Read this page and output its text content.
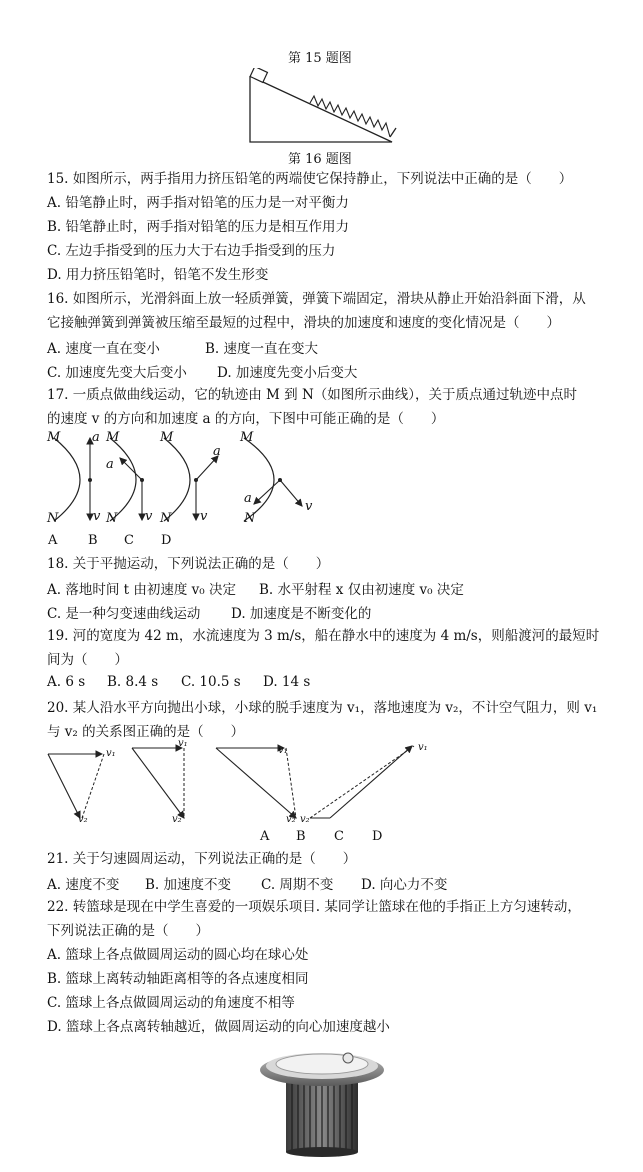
第 15 题图
第 16 题图
15. 如图所示，两手指用力挤压铅笔的两端使它保持静止，下列说法中正确的是（　　）
A. 铅笔静止时，两手指对铅笔的压力是一对平衡力
B. 铅笔静止时，两手指对铅笔的压力是相互作用力
C. 左边手指受到的压力大于右边手指受到的压力
D. 用力挤压铅笔时，铅笔不发生形变
16. 如图所示，光滑斜面上放一轻质弹簧，弹簧下端固定，滑块从静止开始沿斜面下滑，从
它接触弹簧到弹簧被压缩至最短的过程中，滑块的加速度和速度的变化情况是（　　）
A. 速度一直在变小	B. 速度一直在变大
C. 加速度先变大后变小 D. 加速度先变小后变大
17. 一质点做曲线运动，它的轨迹由 M 到 N（如图所示曲线），关于质点通过轨迹中点时
的速度 v 的方向和加速度 a 的方向，下图中可能正确的是（　　）
M a
N	v
M
a
N v
M
a
N v
M
a
N
v
A B C D
18. 关于平抛运动，下列说法正确的是（　　）
A. 落地时间 t 由初速度 v₀ 决定 B. 水平射程 x 仅由初速度 v₀ 决定
C. 是一种匀变速曲线运动 D. 加速度是不断变化的
19. 河的宽度为 42 m，水流速度为 3 m/s，船在静水中的速度为 4 m/s，则船渡河的最短时
间为（　　）
A. 6 s B. 8.4 s C. 10.5 s D. 14 s
20. 某人沿水平方向抛出小球，小球的脱手速度为 v₁，落地速度为 v₂，不计空气阻力，则 v₁
与 v₂ 的关系图正确的是（　　）
v₁
v₂
v₁
v₂
v₁
v₂
v₁
v₂
A B C D
21. 关于匀速圆周运动，下列说法正确的是（　　）
A. 速度不变 B. 加速度不变 C. 周期不变 D. 向心力不变
22. 转篮球是现在中学生喜爱的一项娱乐项目. 某同学让篮球在他的手指正上方匀速转动，
下列说法正确的是（　　）
A. 篮球上各点做圆周运动的圆心均在球心处
B. 篮球上离转动轴距离相等的各点速度相同
C. 篮球上各点做圆周运动的角速度不相等
D. 篮球上各点离转轴越近，做圆周运动的向心加速度越小
